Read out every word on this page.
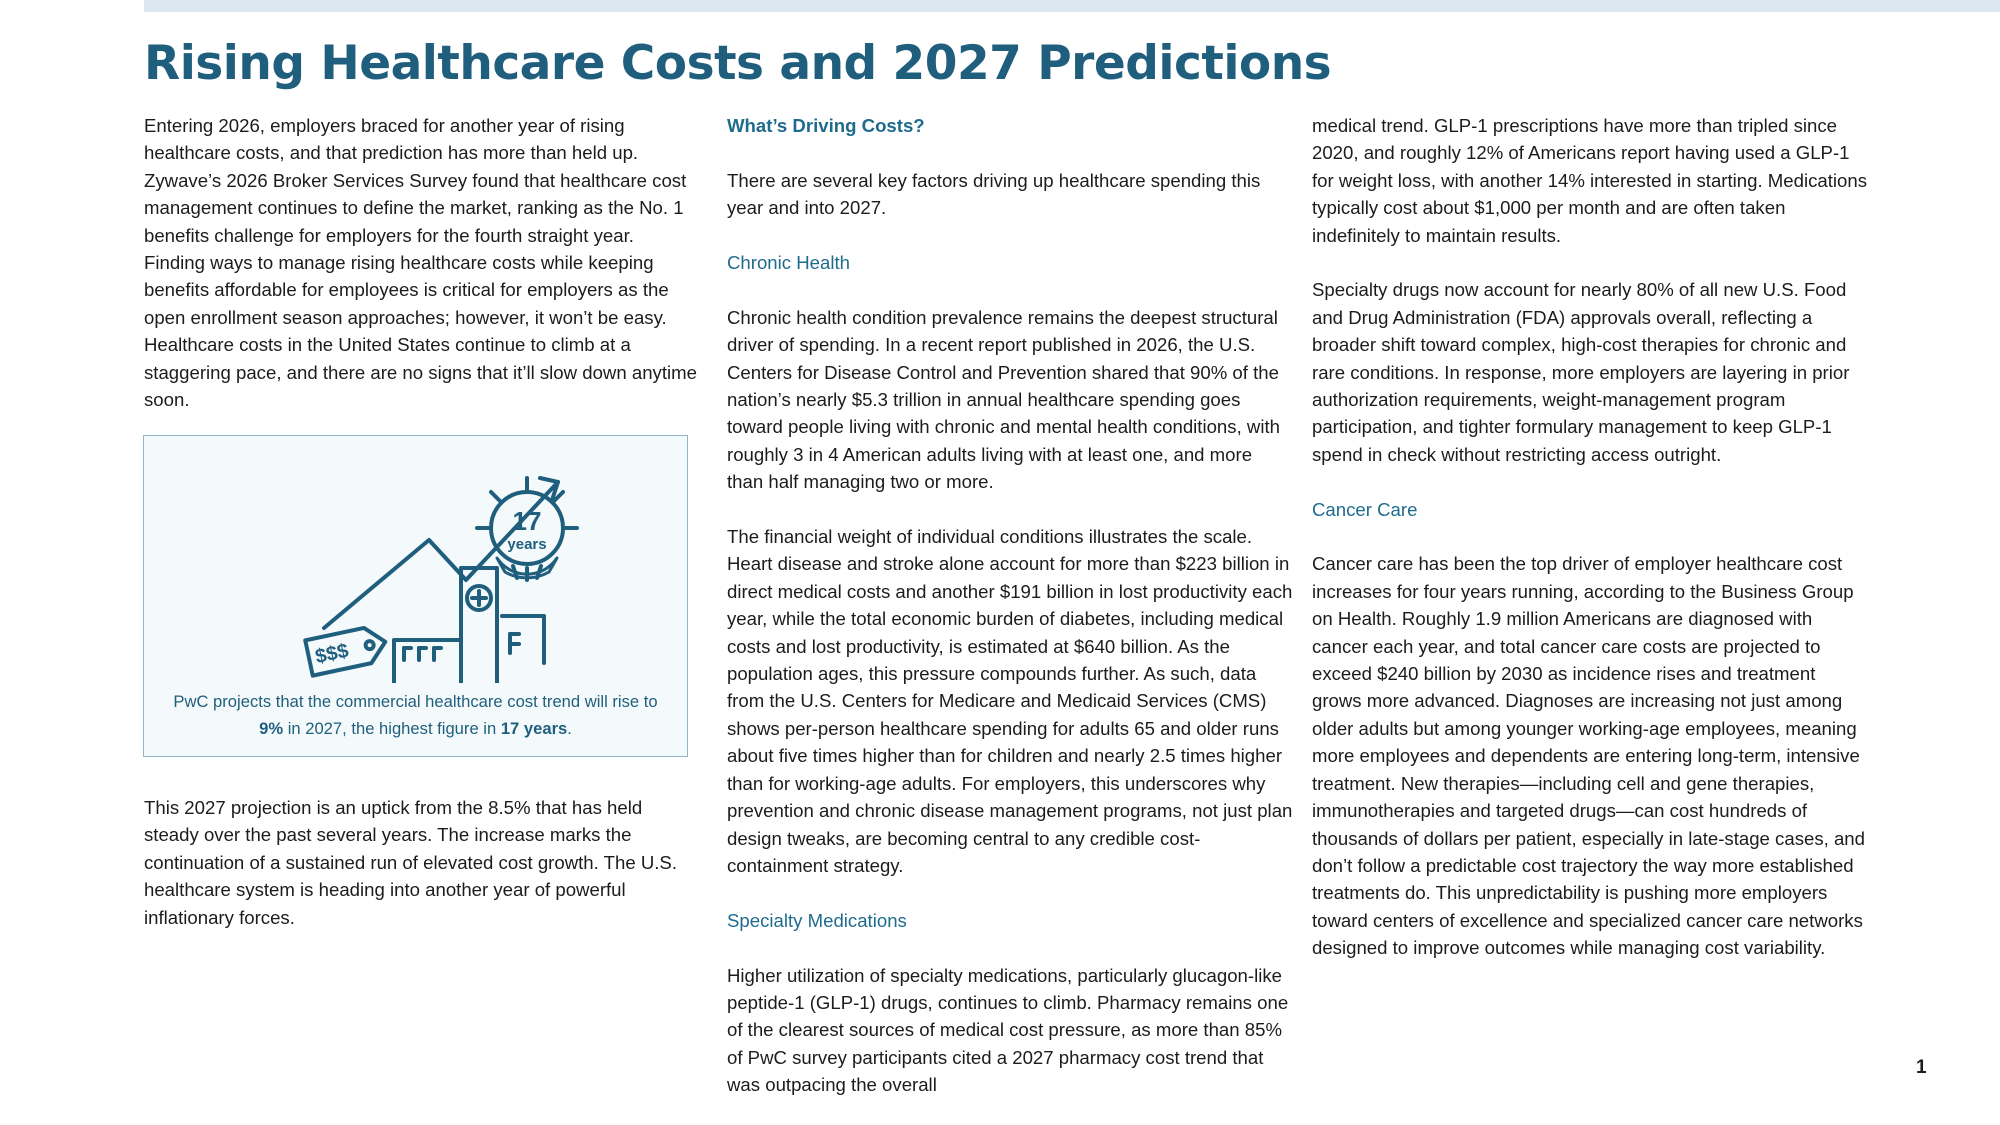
Rising Healthcare Costs and 2027 Predictions

Entering 2026, employers braced for another year of rising healthcare costs, and that prediction has more than held up. Zywave’s 2026 Broker Services Survey found that healthcare cost management continues to define the market, ranking as the No. 1 benefits challenge for employers for the fourth straight year. Finding ways to manage rising healthcare costs while keeping benefits affordable for employees is critical for employers as the open enrollment season approaches; however, it won’t be easy. Healthcare costs in the United States continue to climb at a staggering pace, and there are no signs that it’ll slow down anytime soon.

17
years
$$$
PwC projects that the commercial healthcare cost trend will rise to 9% in 2027, the highest figure in 17 years.

This 2027 projection is an uptick from the 8.5% that has held steady over the past several years. The increase marks the continuation of a sustained run of elevated cost growth. The U.S. healthcare system is heading into another year of powerful inflationary forces.

What’s Driving Costs?

There are several key factors driving up healthcare spending this year and into 2027.

Chronic Health

Chronic health condition prevalence remains the deepest structural driver of spending. In a recent report published in 2026, the U.S. Centers for Disease Control and Prevention shared that 90% of the nation’s nearly $5.3 trillion in annual healthcare spending goes toward people living with chronic and mental health conditions, with roughly 3 in 4 American adults living with at least one, and more than half managing two or more.

The financial weight of individual conditions illustrates the scale. Heart disease and stroke alone account for more than $223 billion in direct medical costs and another $191 billion in lost productivity each year, while the total economic burden of diabetes, including medical costs and lost productivity, is estimated at $640 billion. As the population ages, this pressure compounds further. As such, data from the U.S. Centers for Medicare and Medicaid Services (CMS) shows per-person healthcare spending for adults 65 and older runs about five times higher than for children and nearly 2.5 times higher than for working-age adults. For employers, this underscores why prevention and chronic disease management programs, not just plan design tweaks, are becoming central to any credible cost-containment strategy.

Specialty Medications

Higher utilization of specialty medications, particularly glucagon-like peptide-1 (GLP-1) drugs, continues to climb. Pharmacy remains one of the clearest sources of medical cost pressure, as more than 85% of PwC survey participants cited a 2027 pharmacy cost trend that was outpacing the overall

medical trend. GLP-1 prescriptions have more than tripled since 2020, and roughly 12% of Americans report having used a GLP-1 for weight loss, with another 14% interested in starting. Medications typically cost about $1,000 per month and are often taken indefinitely to maintain results.

Specialty drugs now account for nearly 80% of all new U.S. Food and Drug Administration (FDA) approvals overall, reflecting a broader shift toward complex, high-cost therapies for chronic and rare conditions. In response, more employers are layering in prior authorization requirements, weight-management program participation, and tighter formulary management to keep GLP-1 spend in check without restricting access outright.

Cancer Care

Cancer care has been the top driver of employer healthcare cost increases for four years running, according to the Business Group on Health. Roughly 1.9 million Americans are diagnosed with cancer each year, and total cancer care costs are projected to exceed $240 billion by 2030 as incidence rises and treatment grows more advanced. Diagnoses are increasing not just among older adults but among younger working-age employees, meaning more employees and dependents are entering long-term, intensive treatment. New therapies—including cell and gene therapies, immunotherapies and targeted drugs—can cost hundreds of thousands of dollars per patient, especially in late-stage cases, and don’t follow a predictable cost trajectory the way more established treatments do. This unpredictability is pushing more employers toward centers of excellence and specialized cancer care networks designed to improve outcomes while managing cost variability.

1
